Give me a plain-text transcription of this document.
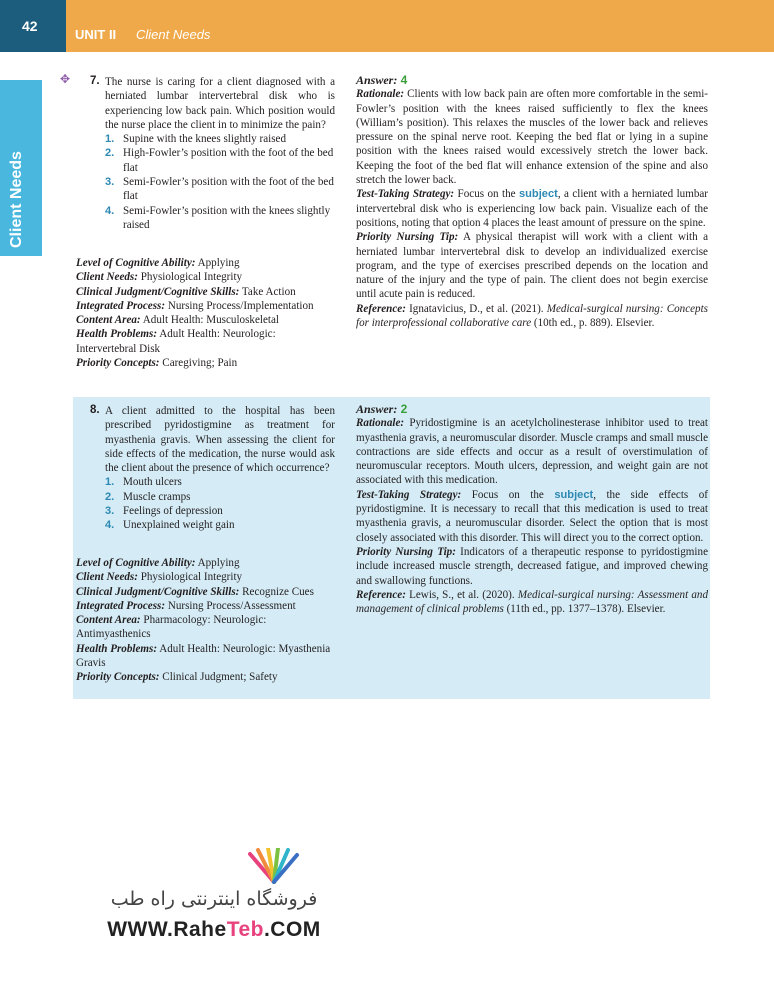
42
UNIT II Client Needs
Client Needs
✥ 7. The nurse is caring for a client diagnosed with a herniated lumbar intervertebral disk who is experiencing low back pain. Which position would the nurse place the client in to minimize the pain?
1. Supine with the knees slightly raised
2. High-Fowler’s position with the foot of the bed flat
3. Semi-Fowler’s position with the foot of the bed flat
4. Semi-Fowler’s position with the knees slightly raised

Level of Cognitive Ability: Applying

Client Needs: Physiological Integrity

Clinical Judgment/Cognitive Skills: Take Action

Integrated Process: Nursing Process/Implementation

Content Area: Adult Health: Musculoskeletal

Health Problems: Adult Health: Neurologic: Intervertebral Disk

Priority Concepts: Caregiving; Pain

Answer: 4

Rationale: Clients with low back pain are often more comfortable in the semi-Fowler’s position with the knees raised sufficiently to flex the knees (William’s position). This relaxes the muscles of the lower back and relieves pressure on the spinal nerve root. Keeping the bed flat or lying in a supine position with the knees raised would excessively stretch the lower back. Keeping the foot of the bed flat will enhance extension of the spine and also stretch the lower back.

Test-Taking Strategy: Focus on the subject, a client with a herniated lumbar intervertebral disk who is experiencing low back pain. Visualize each of the positions, noting that option 4 places the least amount of pressure on the spine.

Priority Nursing Tip: A physical therapist will work with a client with a herniated lumbar intervertebral disk to develop an individualized exercise program, and the type of exercises prescribed depends on the location and nature of the injury and the type of pain. The client does not begin exercise until acute pain is reduced.

Reference: Ignatavicius, D., et al. (2021). Medical-surgical nursing: Concepts for interprofessional collaborative care (10th ed., p. 889). Elsevier.

8. A client admitted to the hospital has been prescribed pyridostigmine as treatment for myasthenia gravis. When assessing the client for side effects of the medication, the nurse would ask the client about the presence of which occurrence?
1. Mouth ulcers
2. Muscle cramps
3. Feelings of depression
4. Unexplained weight gain

Level of Cognitive Ability: Applying

Client Needs: Physiological Integrity

Clinical Judgment/Cognitive Skills: Recognize Cues

Integrated Process: Nursing Process/Assessment

Content Area: Pharmacology: Neurologic: Antimyasthenics

Health Problems: Adult Health: Neurologic: Myasthenia Gravis

Priority Concepts: Clinical Judgment; Safety

Answer: 2

Rationale: Pyridostigmine is an acetylcholinesterase inhibitor used to treat myasthenia gravis, a neuromuscular disorder. Muscle cramps and small muscle contractions are side effects and occur as a result of overstimulation of neuromuscular receptors. Mouth ulcers, depression, and weight gain are not associated with this medication.

Test-Taking Strategy: Focus on the subject, the side effects of pyridostigmine. It is necessary to recall that this medication is used to treat myasthenia gravis, a neuromuscular disorder. Select the option that is most closely associated with this disorder. This will direct you to the correct option.

Priority Nursing Tip: Indicators of a therapeutic response to pyridostigmine include increased muscle strength, decreased fatigue, and improved chewing and swallowing functions.

Reference: Lewis, S., et al. (2020). Medical-surgical nursing: Assessment and management of clinical problems (11th ed., pp. 1377–1378). Elsevier.

فروشگاه اینترنتی راه طب
WWW.RaheTeb.COM
